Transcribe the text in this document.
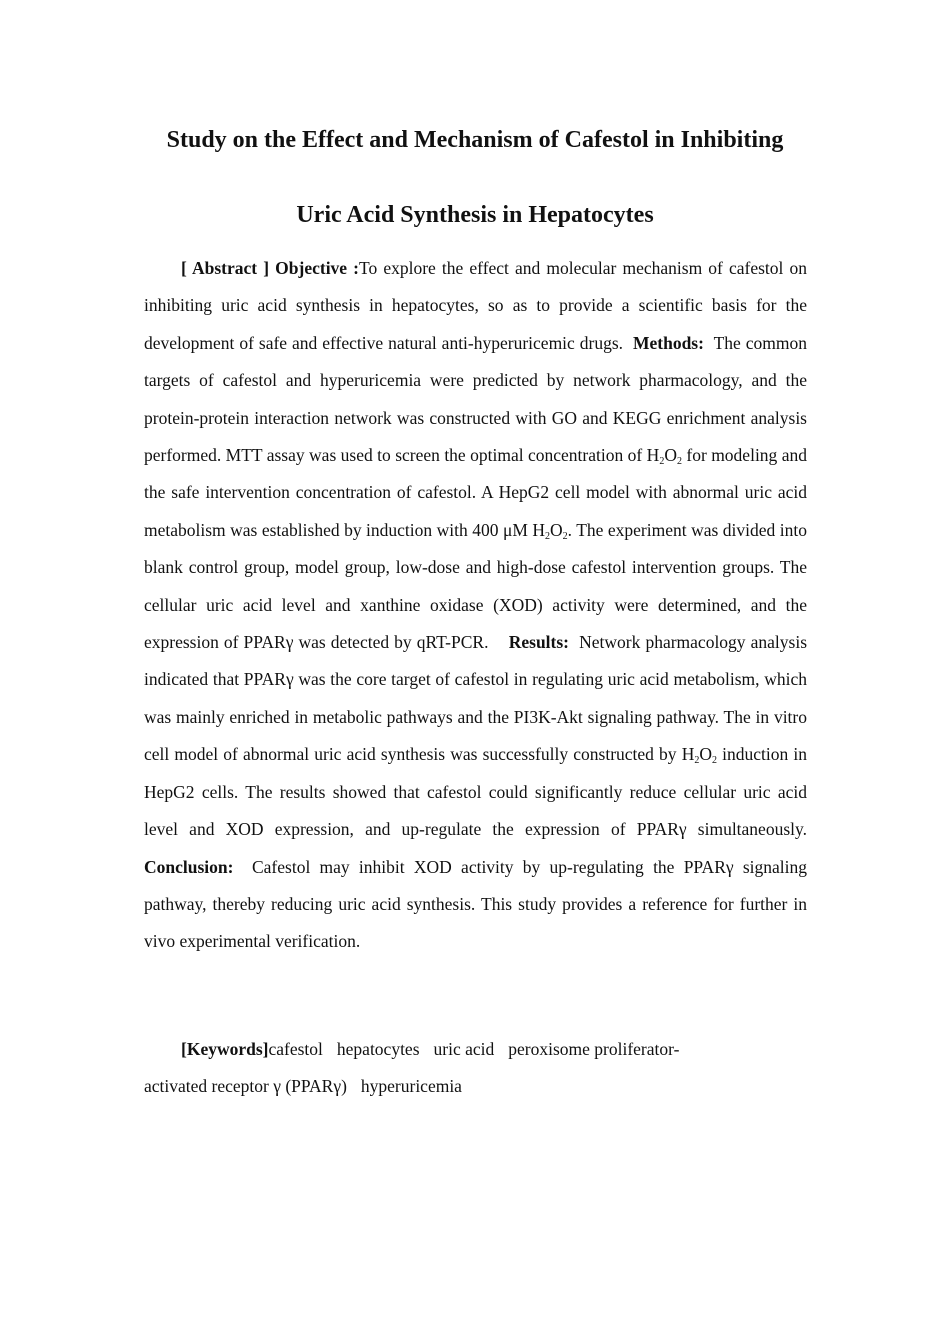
Study on the Effect and Mechanism of Cafestol in Inhibiting
Uric Acid Synthesis in Hepatocytes

[ Abstract ] Objective :To explore the effect and molecular mechanism of cafestol on inhibiting uric acid synthesis in hepatocytes, so as to provide a scientific basis for the development of safe and effective natural anti-hyperuricemic drugs. Methods: The common targets of cafestol and hyperuricemia were predicted by network pharmacology, and the protein-protein interaction network was constructed with GO and KEGG enrichment analysis performed. MTT assay was used to screen the optimal concentration of $H_2O_2$ for modeling and the safe intervention concentration of cafestol. A HepG2 cell model with abnormal uric acid metabolism was established by induction with 400 μM $H_2O_2$. The experiment was divided into blank control group, model group, low-dose and high-dose cafestol intervention groups. The cellular uric acid level and xanthine oxidase (XOD) activity were determined, and the expression of PPARγ was detected by qRT-PCR. Results: Network pharmacology analysis indicated that PPARγ was the core target of cafestol in regulating uric acid metabolism, which was mainly enriched in metabolic pathways and the PI3K-Akt signaling pathway. The in vitro cell model of abnormal uric acid synthesis was successfully constructed by $H_2O_2$ induction in HepG2 cells. The results showed that cafestol could significantly reduce cellular uric acid level and XOD expression, and up-regulate the expression of PPARγ simultaneously. Conclusion: Cafestol may inhibit XOD activity by up-regulating the PPARγ signaling pathway, thereby reducing uric acid synthesis. This study provides a reference for further in vivo experimental verification.

[Keywords]cafestol hepatocytes uric acid peroxisome proliferator-
activated receptor γ (PPARγ) hyperuricemia
